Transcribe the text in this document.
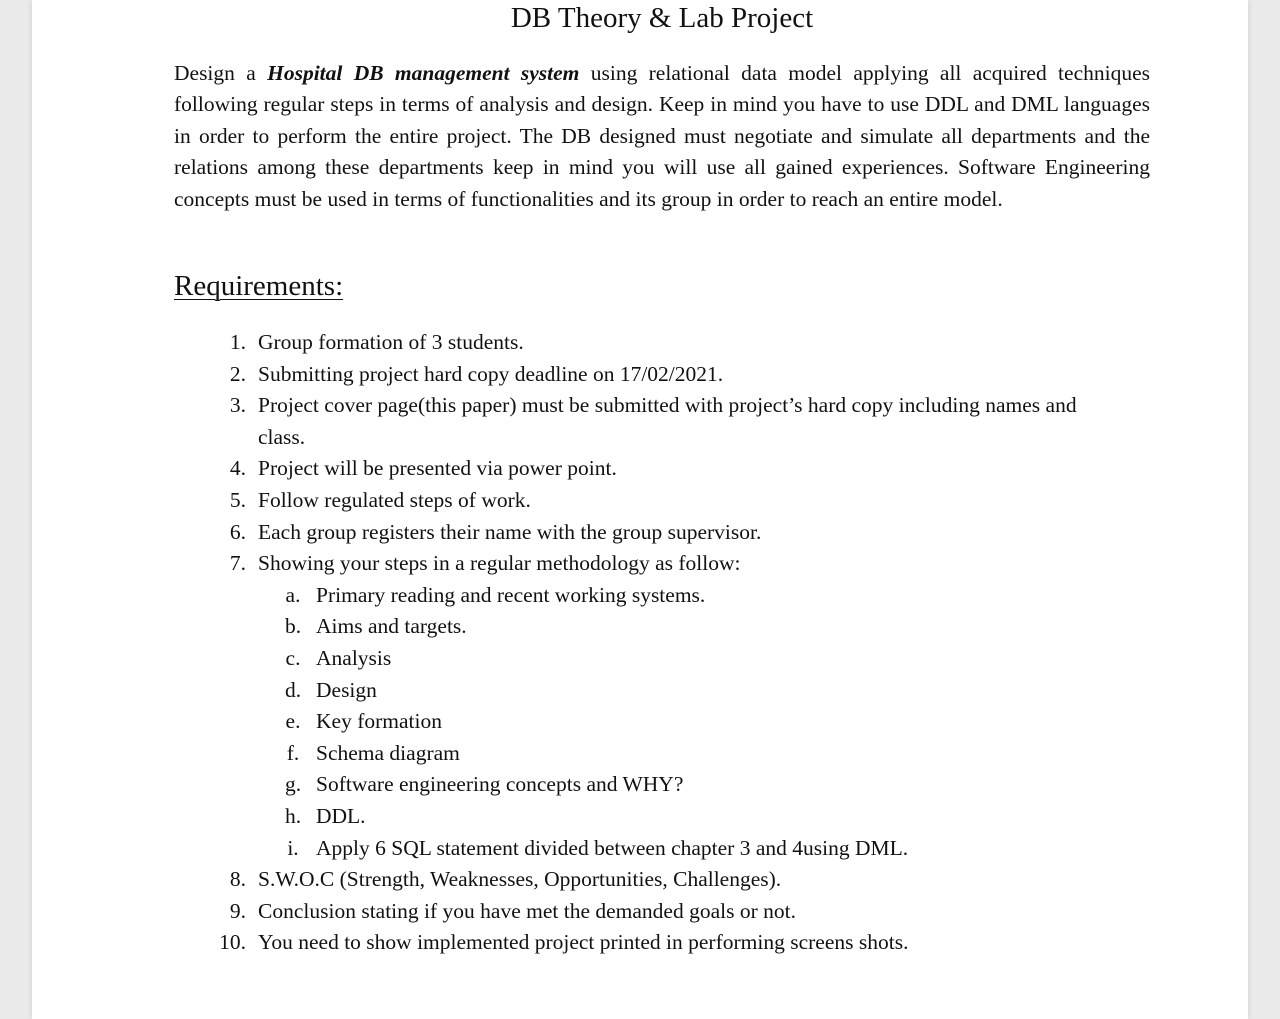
DB Theory & Lab Project

Design a Hospital DB management system using relational data model applying all acquired techniques following regular steps in terms of analysis and design. Keep in mind you have to use DDL and DML languages in order to perform the entire project. The DB designed must negotiate and simulate all departments and the relations among these departments keep in mind you will use all gained experiences. Software Engineering concepts must be used in terms of functionalities and its group in order to reach an entire model.

Requirements:
1. Group formation of 3 students.
2. Submitting project hard copy deadline on 17/02/2021.
3. Project cover page(this paper) must be submitted with project’s hard copy including names and class.
4. Project will be presented via power point.
5. Follow regulated steps of work.
6. Each group registers their name with the group supervisor.
7. Showing your steps in a regular methodology as follow:
a. Primary reading and recent working systems.
b. Aims and targets.
c. Analysis
d. Design
e. Key formation
f. Schema diagram
g. Software engineering concepts and WHY?
h. DDL.
i. Apply 6 SQL statement divided between chapter 3 and 4using DML.
8. S.W.O.C (Strength, Weaknesses, Opportunities, Challenges).
9. Conclusion stating if you have met the demanded goals or not.
10. You need to show implemented project printed in performing screens shots.
